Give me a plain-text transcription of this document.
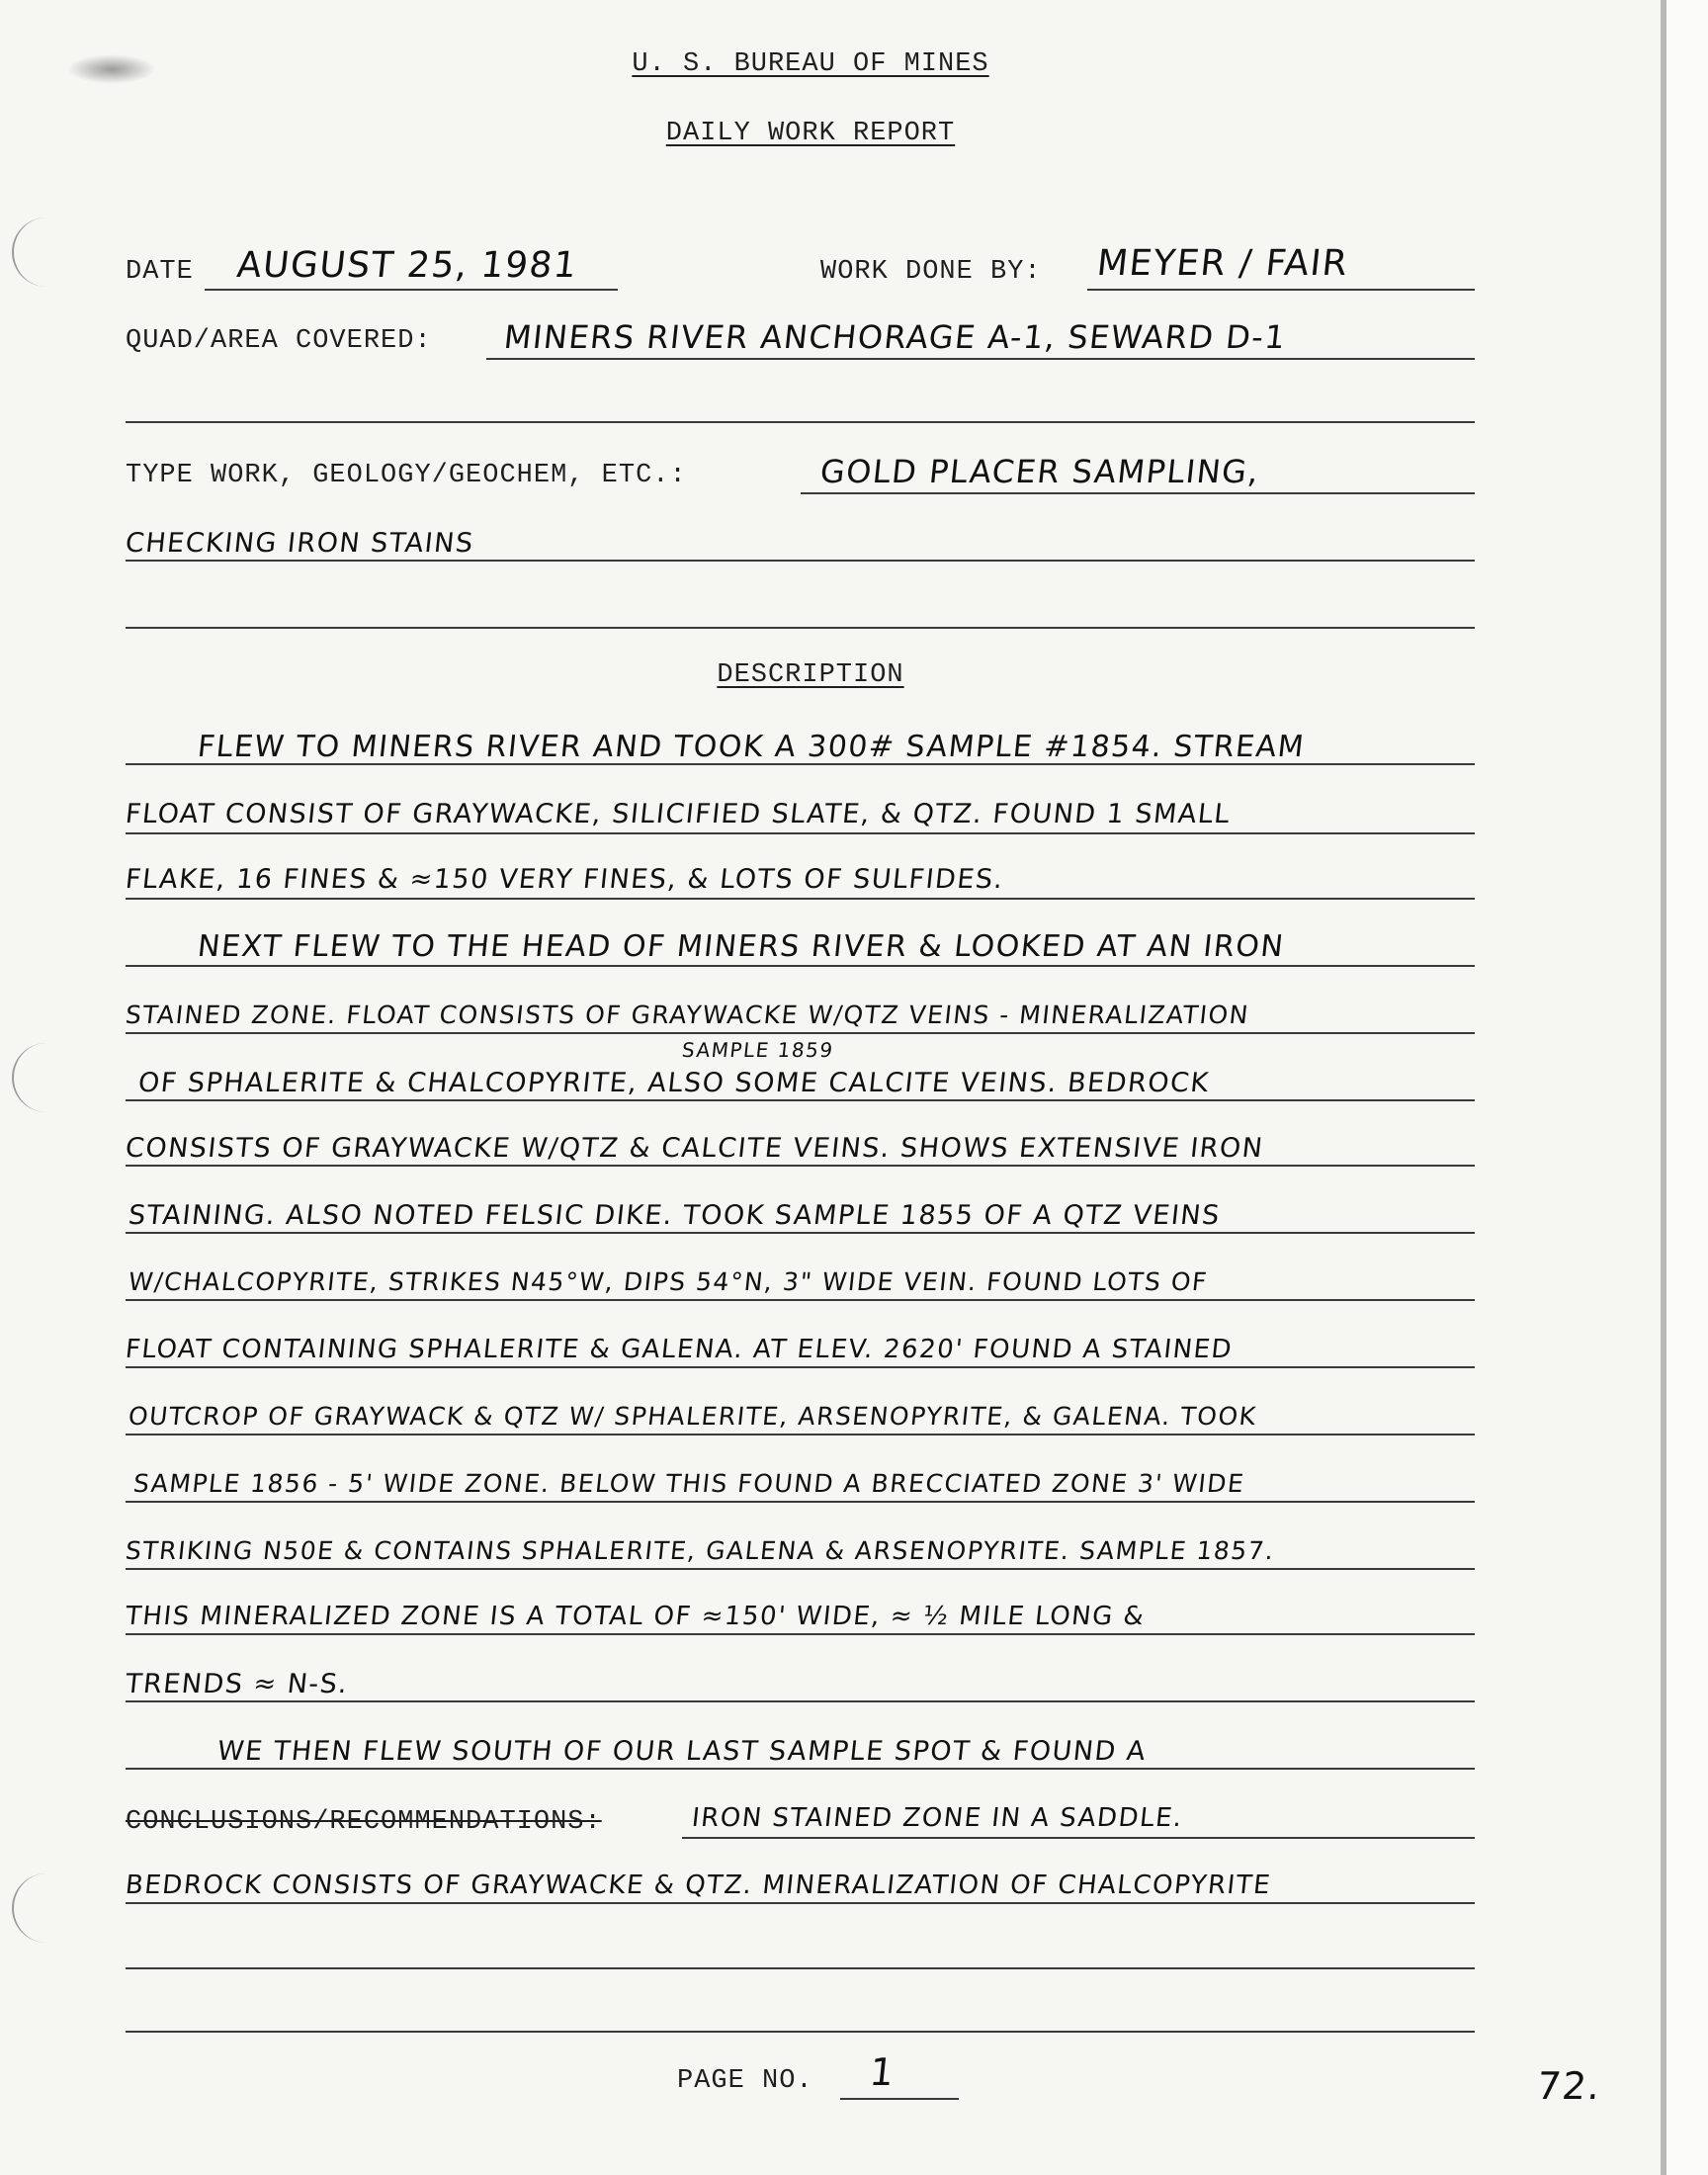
U. S. BUREAU OF MINES
DAILY WORK REPORT
DATE AUGUST 25, 1981	WORK DONE BY: MEYER / FAIR
QUAD/AREA COVERED: MINERS RIVER ANCHORAGE A-1, SEWARD D-1
TYPE WORK, GEOLOGY/GEOCHEM, ETC.:	GOLD PLACER SAMPLING,
CHECKING IRON STAINS
DESCRIPTION
FLEW TO MINERS RIVER AND TOOK A 300# SAMPLE #1854. STREAM
FLOAT CONSIST OF GRAYWACKE, SILICIFIED SLATE, & QTZ. FOUND 1 SMALL
FLAKE, 16 FINES & ≈150 VERY FINES, & LOTS OF SULFIDES.
NEXT FLEW TO THE HEAD OF MINERS RIVER & LOOKED AT AN IRON
STAINED ZONE. FLOAT CONSISTS OF GRAYWACKE W/QTZ VEINS - MINERALIZATION
SAMPLE 1859
OF SPHALERITE & CHALCOPYRITE, ALSO SOME CALCITE VEINS. BEDROCK
CONSISTS OF GRAYWACKE W/QTZ & CALCITE VEINS. SHOWS EXTENSIVE IRON
STAINING. ALSO NOTED FELSIC DIKE. TOOK SAMPLE 1855 OF A QTZ VEINS
W/CHALCOPYRITE, STRIKES N45°W, DIPS 54°N, 3" WIDE VEIN. FOUND LOTS OF
FLOAT CONTAINING SPHALERITE & GALENA. AT ELEV. 2620' FOUND A STAINED
OUTCROP OF GRAYWACK & QTZ W/ SPHALERITE, ARSENOPYRITE, & GALENA. TOOK
SAMPLE 1856 - 5' WIDE ZONE. BELOW THIS FOUND A BRECCIATED ZONE 3' WIDE
STRIKING N50E & CONTAINS SPHALERITE, GALENA & ARSENOPYRITE. SAMPLE 1857.
THIS MINERALIZED ZONE IS A TOTAL OF ≈150' WIDE, ≈ ½ MILE LONG &
TRENDS ≈ N-S.
WE THEN FLEW SOUTH OF OUR LAST SAMPLE SPOT & FOUND A
CONCLUSIONS/RECOMMENDATIONS:	IRON STAINED ZONE IN A SADDLE.
BEDROCK CONSISTS OF GRAYWACKE & QTZ. MINERALIZATION OF CHALCOPYRITE
PAGE NO. 1	72.
